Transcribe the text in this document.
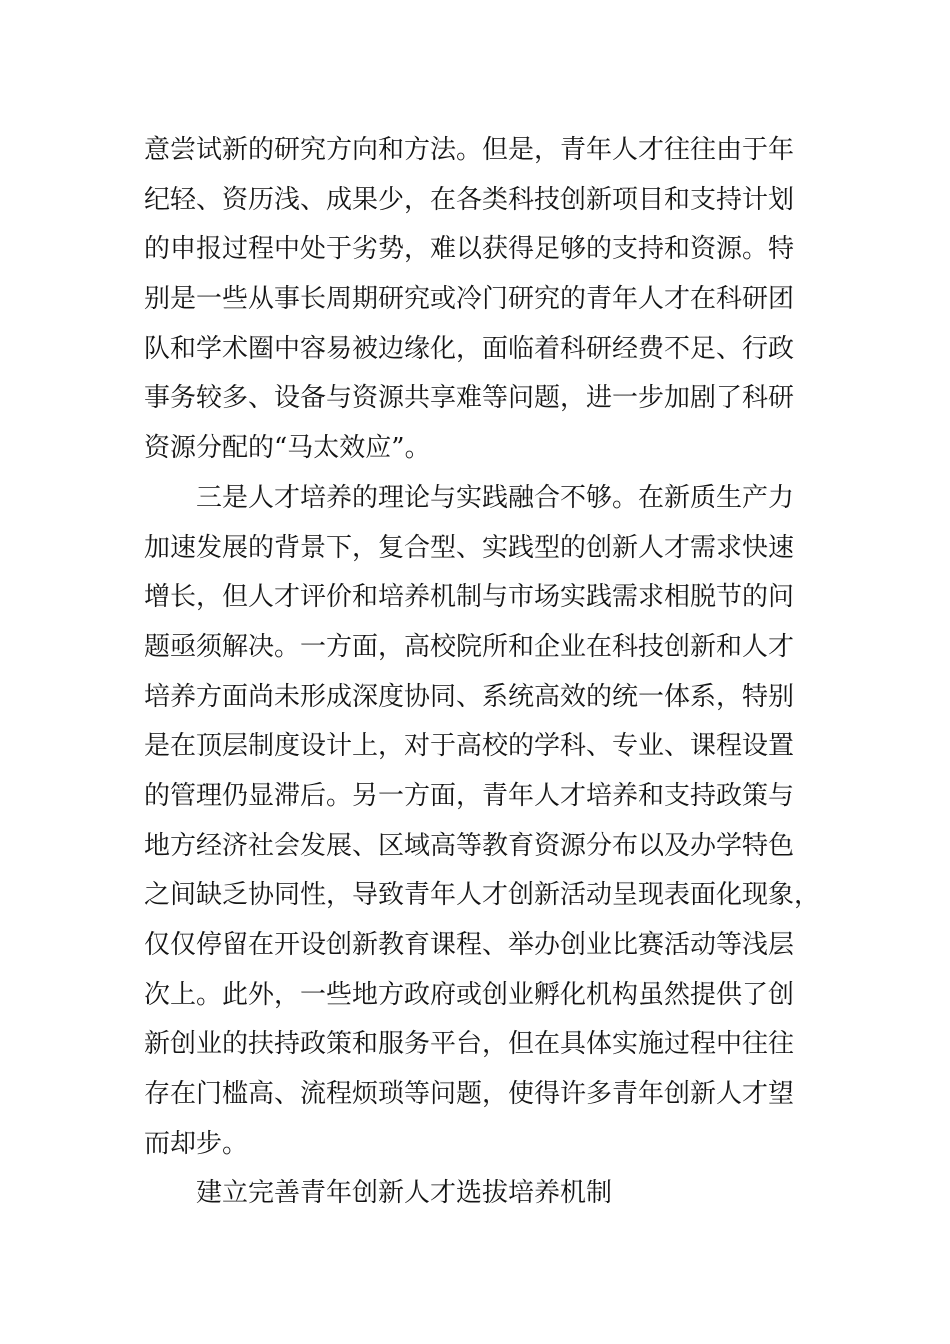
意尝试新的研究方向和方法。但是，青年人才往往由于年
纪轻、资历浅、成果少，在各类科技创新项目和支持计划
的申报过程中处于劣势，难以获得足够的支持和资源。特
别是一些从事长周期研究或冷门研究的青年人才在科研团
队和学术圈中容易被边缘化，面临着科研经费不足、行政
事务较多、设备与资源共享难等问题，进一步加剧了科研
资源分配的“马太效应”。
三是人才培养的理论与实践融合不够。在新质生产力
加速发展的背景下，复合型、实践型的创新人才需求快速
增长，但人才评价和培养机制与市场实践需求相脱节的问
题亟须解决。一方面，高校院所和企业在科技创新和人才
培养方面尚未形成深度协同、系统高效的统一体系，特别
是在顶层制度设计上，对于高校的学科、专业、课程设置
的管理仍显滞后。另一方面，青年人才培养和支持政策与
地方经济社会发展、区域高等教育资源分布以及办学特色
之间缺乏协同性，导致青年人才创新活动呈现表面化现象，
仅仅停留在开设创新教育课程、举办创业比赛活动等浅层
次上。此外，一些地方政府或创业孵化机构虽然提供了创
新创业的扶持政策和服务平台，但在具体实施过程中往往
存在门槛高、流程烦琐等问题，使得许多青年创新人才望
而却步。
建立完善青年创新人才选拔培养机制
